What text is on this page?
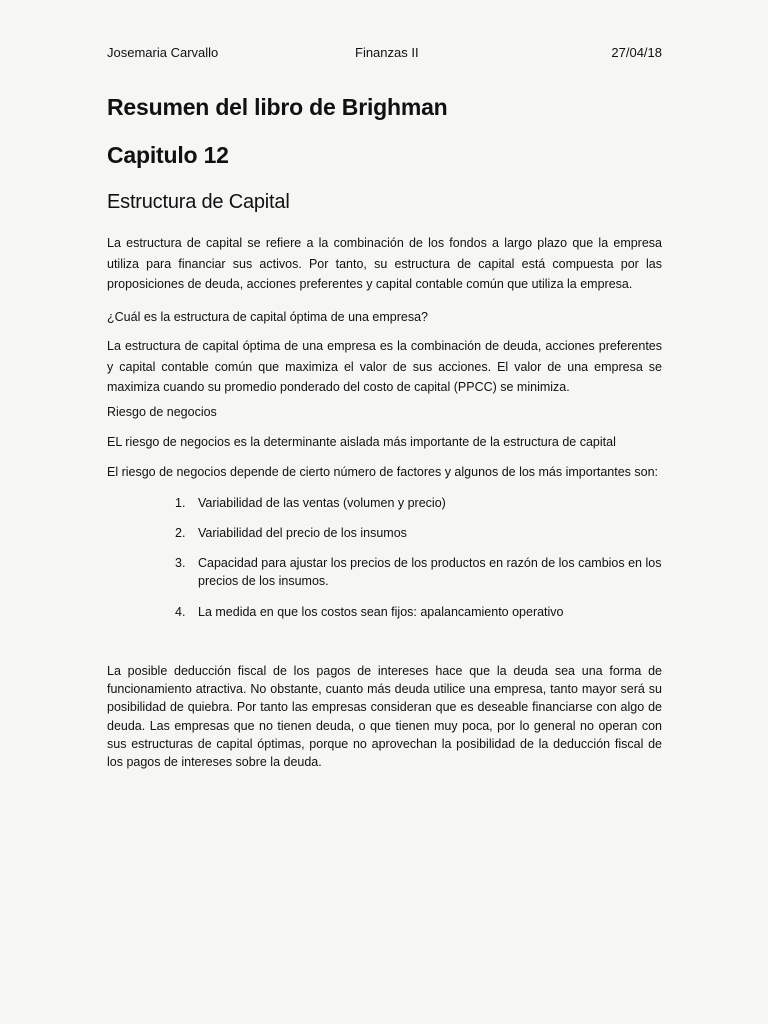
Josemaria Carvallo	Finanzas II	27/04/18
Resumen del libro de Brighman
Capitulo 12
Estructura de Capital

La estructura de capital se refiere a la combinación de los fondos a largo plazo que la empresa utiliza para financiar sus activos. Por tanto, su estructura de capital está compuesta por las proposiciones de deuda, acciones preferentes y capital contable común que utiliza la empresa.

¿Cuál es la estructura de capital óptima de una empresa?

La estructura de capital óptima de una empresa es la combinación de deuda, acciones preferentes y capital contable común que maximiza el valor de sus acciones. El valor de una empresa se maximiza cuando su promedio ponderado del costo de capital (PPCC) se minimiza.

Riesgo de negocios

EL riesgo de negocios es la determinante aislada más importante de la estructura de capital

El riesgo de negocios depende de cierto número de factores y algunos de los más importantes son:

1.	Variabilidad de las ventas (volumen y precio)
2.	Variabilidad del precio de los insumos
3.	Capacidad para ajustar los precios de los productos en razón de los cambios en los precios de los insumos.
4.	La medida en que los costos sean fijos: apalancamiento operativo

La posible deducción fiscal de los pagos de intereses hace que la deuda sea una forma de funcionamiento atractiva. No obstante, cuanto más deuda utilice una empresa, tanto mayor será su posibilidad de quiebra. Por tanto las empresas consideran que es deseable financiarse con algo de deuda. Las empresas que no tienen deuda, o que tienen muy poca, por lo general no operan con sus estructuras de capital óptimas, porque no aprovechan la posibilidad de la deducción fiscal de los pagos de intereses sobre la deuda.
